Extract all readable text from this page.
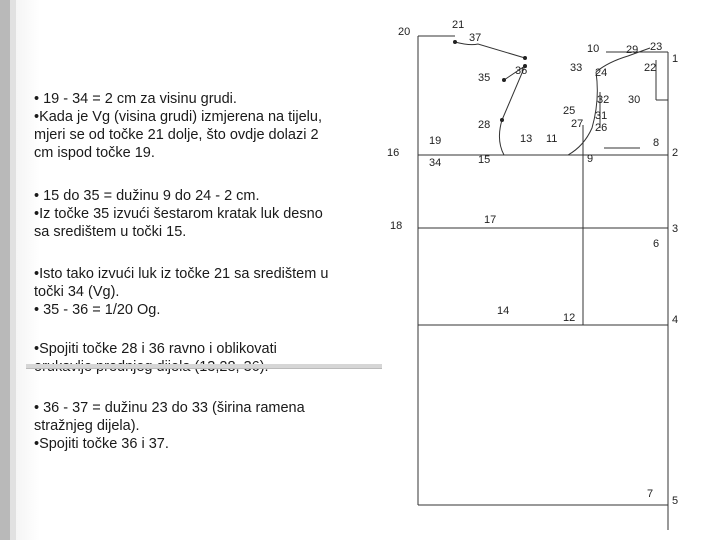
• 19 - 34 = 2 cm za visinu grudi.
•Kada je Vg (visina grudi) izmjerena na tijelu,
mjeri se od točke 21 dolje, što ovdje dolazi 2
cm ispod točke 19.
• 15 do 35 = dužinu 9 do 24 - 2 cm.
•Iz točke 35 izvući šestarom kratak luk desno
sa središtem u točki 15.
•Isto tako izvući luk iz točke 21 sa središtem u
točki 34 (Vg).
• 35 - 36 = 1/20 Og.
•Spojiti točke 28 i 36 ravno i oblikovati
• 36 - 37 = dužinu 23 do 33 (širina ramena
stražnjeg dijela).
•Spojiti točke 36 i 37.
1
2
3
4
5
6
7
8
9
10
11
12
13
14
15
16
17
18
19
20
21
22
23
24
25
26
27
28
29
30
31
32
33
34
35
36
37
